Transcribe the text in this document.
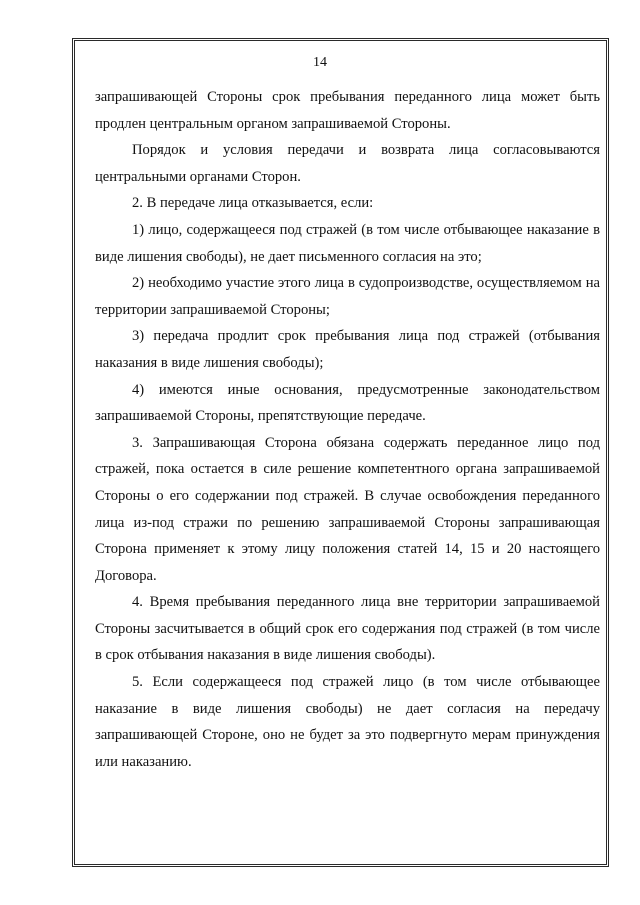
14

запрашивающей Стороны срок пребывания переданного лица может быть продлен центральным органом запрашиваемой Стороны.

Порядок и условия передачи и возврата лица согласовываются центральными органами Сторон.

2. В передаче лица отказывается, если:

1) лицо, содержащееся под стражей (в том числе отбывающее наказание в виде лишения свободы), не дает письменного согласия на это;

2) необходимо участие этого лица в судопроизводстве, осуществляемом на территории запрашиваемой Стороны;

3) передача продлит срок пребывания лица под стражей (отбывания наказания в виде лишения свободы);

4) имеются иные основания, предусмотренные законодательством запрашиваемой Стороны, препятствующие передаче.

3. Запрашивающая Сторона обязана содержать переданное лицо под стражей, пока остается в силе решение компетентного органа запрашиваемой Стороны о его содержании под стражей. В случае освобождения переданного лица из-под стражи по решению запрашиваемой Стороны запрашивающая Сторона применяет к этому лицу положения статей 14, 15 и 20 настоящего Договора.

4. Время пребывания переданного лица вне территории запрашиваемой Стороны засчитывается в общий срок его содержания под стражей (в том числе в срок отбывания наказания в виде лишения свободы).

5. Если содержащееся под стражей лицо (в том числе отбывающее наказание в виде лишения свободы) не дает согласия на передачу запрашивающей Стороне, оно не будет за это подвергнуто мерам принуждения или наказанию.
